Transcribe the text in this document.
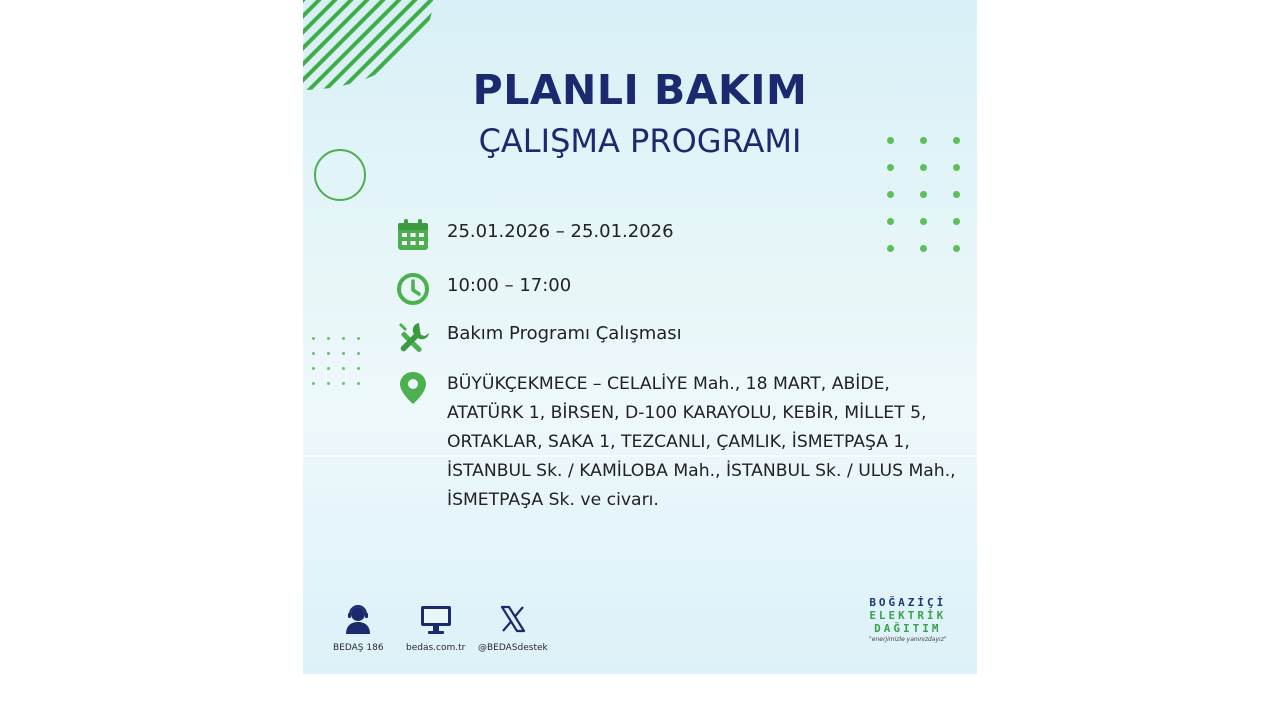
PLANLI BAKIM
ÇALIŞMA PROGRAMI
25.01.2026 – 25.01.2026
10:00 – 17:00
Bakım Programı Çalışması
BÜYÜKÇEKMECE – CELALİYE Mah., 18 MART, ABİDE, ATATÜRK 1, BİRSEN, D-100 KARAYOLU, KEBİR, MİLLET 5, ORTAKLAR, SAKA 1, TEZCANLI, ÇAMLIK, İSMETPAŞA 1, İSTANBUL Sk. / KAMİLOBA Mah., İSTANBUL Sk. / ULUS Mah., İSMETPAŞA Sk. ve civarı.
BEDAŞ 186 bedas.com.tr @BEDASdestek
BOĞAZİÇİ
ELEKTRİK
DAĞITIM
"enerjimizle yanınızdayız"
